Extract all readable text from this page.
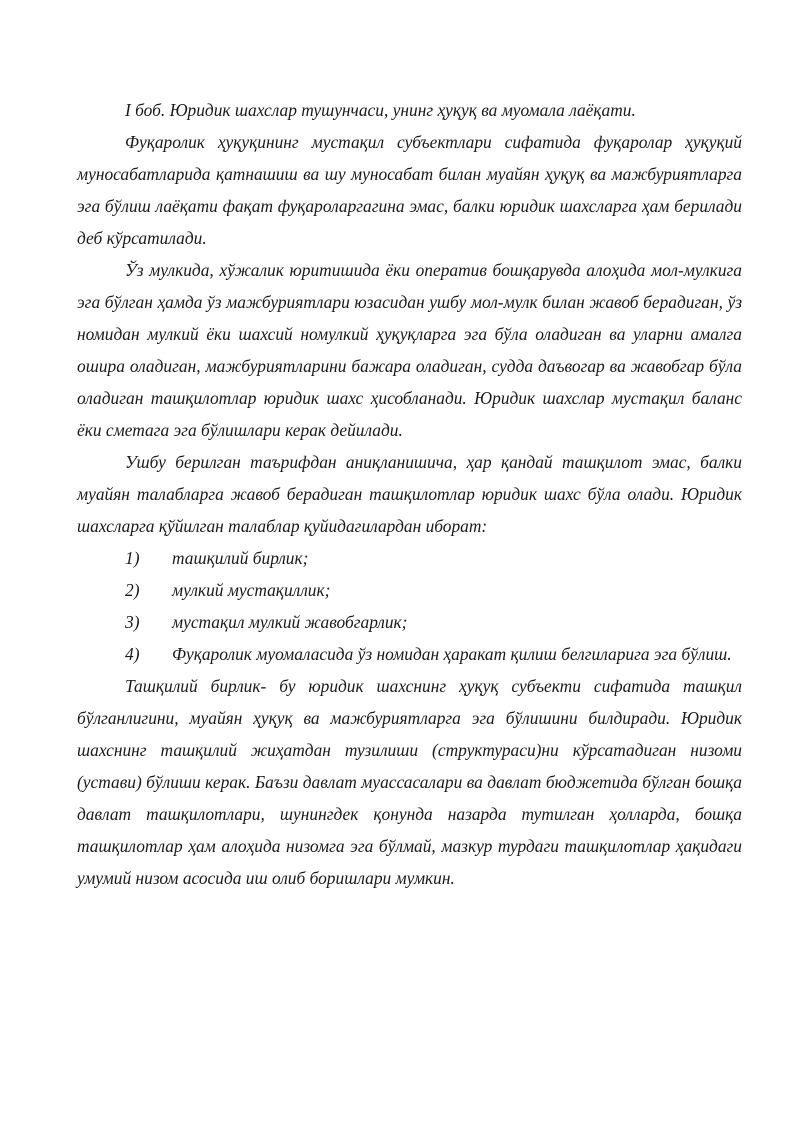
I боб. Юридик шахслар тушунчаси, унинг ҳуқуқ ва муомала лаёқати.

Фуқаролик ҳуқуқининг мустақил субъектлари сифатида фуқаролар ҳуқуқий муносабатларида қатнашиш ва шу муносабат билан муайян ҳуқуқ ва мажбуриятларга эга бўлиш лаёқати фақат фуқароларгагина эмас, балки юридик шахсларга ҳам берилади деб кўрсатилади.

Ўз мулкида, хўжалик юритишида ёки оператив бошқарувда алоҳида мол-мулкига эга бўлган ҳамда ўз мажбуриятлари юзасидан ушбу мол-мулк билан жавоб берадиган, ўз номидан мулкий ёки шахсий номулкий ҳуқуқларга эга бўла оладиган ва уларни амалга ошира оладиган, мажбуриятларини бажара оладиган, судда даъвогар ва жавобгар бўла оладиган ташқилотлар юридик шахс ҳисобланади. Юридик шахслар мустақил баланс ёки сметага эга бўлишлари керак дейилади.

Ушбу берилган таърифдан аниқланишича, ҳар қандай ташқилот эмас, балки муайян талабларга жавоб берадиган ташқилотлар юридик шахс бўла олади. Юридик шахсларга қўйилган талаблар қуйидагилардан иборат:

1) ташқилий бирлик;

2) мулкий мустақиллик;

3) мустақил мулкий жавобгарлик;

4) Фуқаролик муомаласида ўз номидан ҳаракат қилиш белгиларига эга бўлиш.

Ташқилий бирлик- бу юридик шахснинг ҳуқуқ субъекти сифатида ташқил бўлганлигини, муайян ҳуқуқ ва мажбуриятларга эга бўлишини билдиради. Юридик шахснинг ташқилий жиҳатдан тузилиши (структураси)ни кўрсатадиган низоми (устави) бўлиши керак. Баъзи давлат муассасалари ва давлат бюджетида бўлган бошқа давлат ташқилотлари, шунингдек қонунда назарда тутилган ҳолларда, бошқа ташқилотлар ҳам алоҳида низомга эга бўлмай, мазкур турдаги ташқилотлар ҳақидаги умумий низом асосида иш олиб боришлари мумкин.
